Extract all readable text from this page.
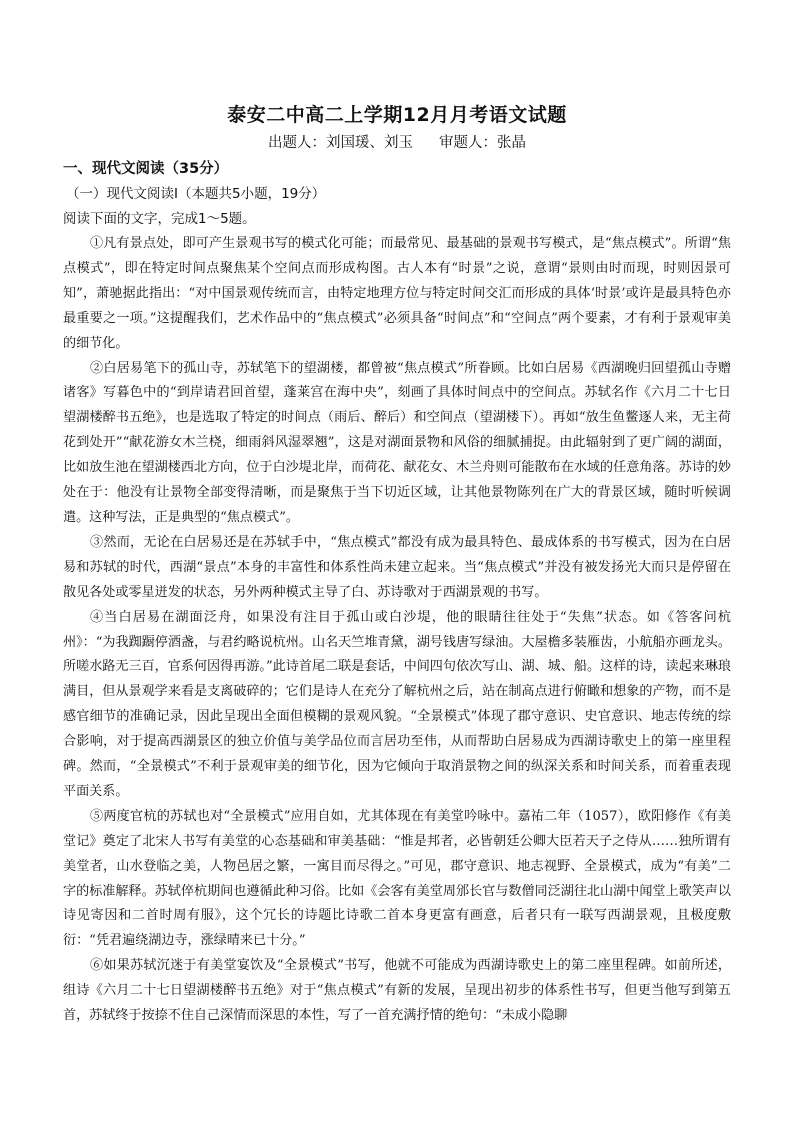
泰安二中高二上学期12月月考语文试题
出题人：刘国瑗、刘玉 审题人：张晶
一、现代文阅读（35分）
（一）现代文阅读Ⅰ（本题共5小题，19分）
阅读下面的文字，完成1～5题。

①凡有景点处，即可产生景观书写的模式化可能；而最常见、最基础的景观书写模式，是“焦点模式”。所谓“焦点模式”，即在特定时间点聚焦某个空间点而形成构图。古人本有“时景”之说，意谓“景则由时而现，时则因景可知”，萧驰据此指出：“对中国景观传统而言，由特定地理方位与特定时间交汇而形成的具体‘时景’或许是最具特色亦最重要之一项。”这提醒我们，艺术作品中的“焦点模式”必须具备“时间点”和“空间点”两个要素，才有利于景观审美的细节化。

②白居易笔下的孤山寺，苏轼笔下的望湖楼，都曾被“焦点模式”所眷顾。比如白居易《西湖晚归回望孤山寺赠诸客》写暮色中的“到岸请君回首望，蓬莱宫在海中央”，刻画了具体时间点中的空间点。苏轼名作《六月二十七日望湖楼醉书五绝》，也是选取了特定的时间点（雨后、醉后）和空间点（望湖楼下）。再如“放生鱼鳖逐人来，无主荷花到处开”“献花游女木兰桡，细雨斜风湿翠翘”，这是对湖面景物和风俗的细腻捕捉。由此辐射到了更广阔的湖面，比如放生池在望湖楼西北方向，位于白沙堤北岸，而荷花、献花女、木兰舟则可能散布在水域的任意角落。苏诗的妙处在于：他没有让景物全部变得清晰，而是聚焦于当下切近区域，让其他景物陈列在广大的背景区域，随时听候调遣。这种写法，正是典型的“焦点模式”。

③然而，无论在白居易还是在苏轼手中，“焦点模式”都没有成为最具特色、最成体系的书写模式，因为在白居易和苏轼的时代，西湖“景点”本身的丰富性和体系性尚未建立起来。当“焦点模式”并没有被发扬光大而只是停留在散见各处或零星迸发的状态，另外两种模式主导了白、苏诗歌对于西湖景观的书写。

④当白居易在湖面泛舟，如果没有注目于孤山或白沙堤，他的眼睛往往处于“失焦”状态。如《答客问杭州》：“为我踟蹰停酒盏，与君约略说杭州。山名天竺堆青黛，湖号钱唐写绿油。大屋檐多装雁齿，小航船亦画龙头。所嗟水路无三百，官系何因得再游。”此诗首尾二联是套话，中间四句依次写山、湖、城、船。这样的诗，读起来琳琅满目，但从景观学来看是支离破碎的；它们是诗人在充分了解杭州之后，站在制高点进行俯瞰和想象的产物，而不是感官细节的准确记录，因此呈现出全面但模糊的景观风貌。“全景模式”体现了郡守意识、史官意识、地志传统的综合影响，对于提高西湖景区的独立价值与美学品位而言居功至伟，从而帮助白居易成为西湖诗歌史上的第一座里程碑。然而，“全景模式”不利于景观审美的细节化，因为它倾向于取消景物之间的纵深关系和时间关系，而着重表现平面关系。

⑤两度官杭的苏轼也对“全景模式”应用自如，尤其体现在有美堂吟咏中。嘉祐二年（1057），欧阳修作《有美堂记》奠定了北宋人书写有美堂的心态基础和审美基础：“惟是邦者，必皆朝廷公卿大臣若天子之侍从……独所谓有美堂者，山水登临之美，人物邑居之繁，一寓目而尽得之。”可见，郡守意识、地志视野、全景模式，成为“有美”二字的标准解释。苏轼倅杭期间也遵循此种习俗。比如《会客有美堂周邠长官与数僧同泛湖往北山湖中闻堂上歌笑声以诗见寄因和二首时周有服》，这个冗长的诗题比诗歌二首本身更富有画意，后者只有一联写西湖景观，且极度敷衍：“凭君遍绕湖边寺，涨绿晴来已十分。”

⑥如果苏轼沉迷于有美堂宴饮及“全景模式”书写，他就不可能成为西湖诗歌史上的第二座里程碑。如前所述，组诗《六月二十七日望湖楼醉书五绝》对于“焦点模式”有新的发展，呈现出初步的体系性书写，但更当他写到第五首，苏轼终于按捺不住自己深情而深思的本性，写了一首充满抒情的绝句：“未成小隐聊
